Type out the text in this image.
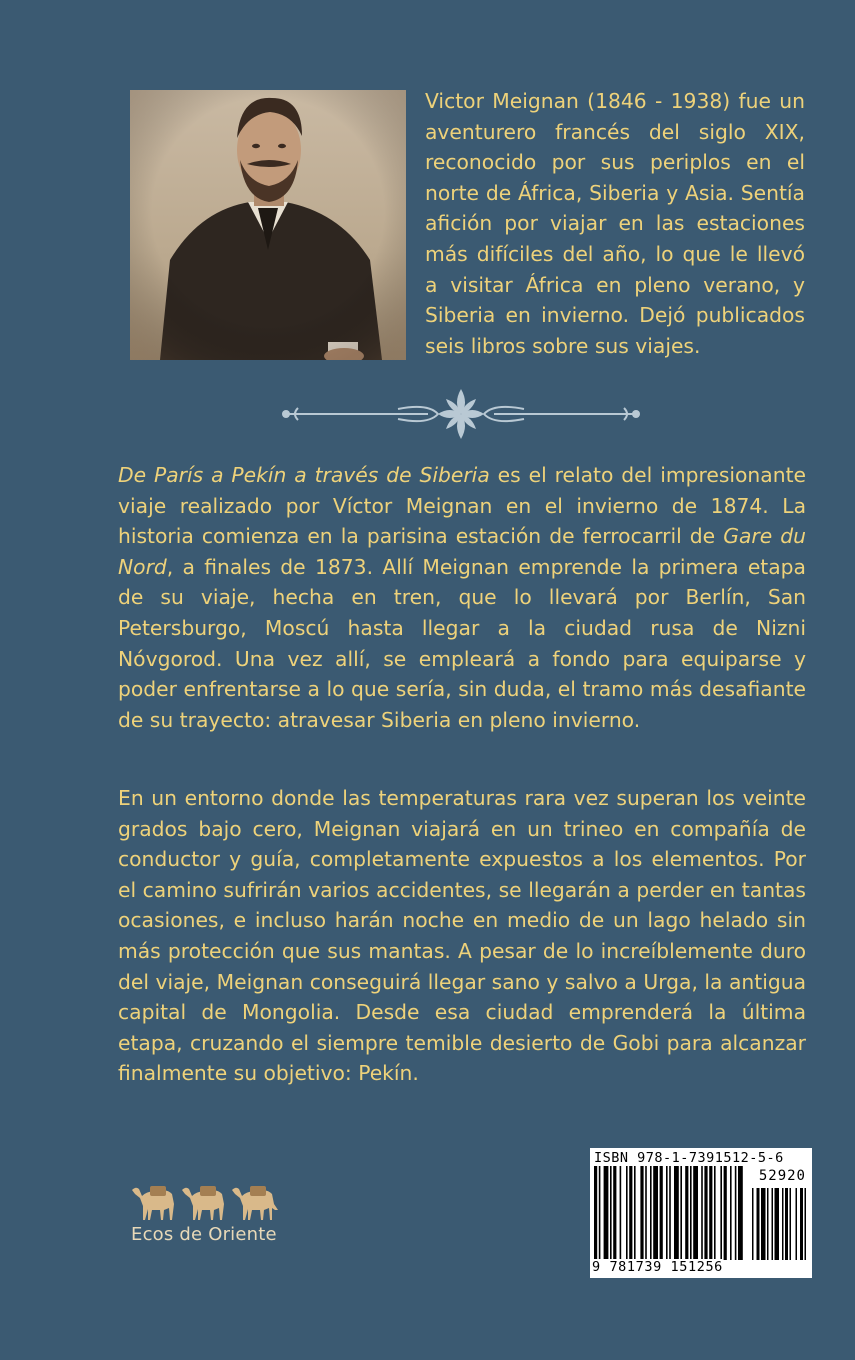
Victor Meignan (1846 - 1938) fue un aventurero francés del siglo XIX, reconocido por sus periplos en el norte de África, Siberia y Asia. Sentía afición por viajar en las estaciones más difíciles del año, lo que le llevó a visitar África en pleno verano, y Siberia en invierno. Dejó publicados seis libros sobre sus viajes.

De París a Pekín a través de Siberia es el relato del impresionante viaje realizado por Víctor Meignan en el invierno de 1874. La historia comienza en la parisina estación de ferrocarril de Gare du Nord, a finales de 1873. Allí Meignan emprende la primera etapa de su viaje, hecha en tren, que lo llevará por Berlín, San Petersburgo, Moscú hasta llegar a la ciudad rusa de Nizni Nóvgorod. Una vez allí, se empleará a fondo para equiparse y poder enfrentarse a lo que sería, sin duda, el tramo más desafiante de su trayecto: atravesar Siberia en pleno invierno.

En un entorno donde las temperaturas rara vez superan los veinte grados bajo cero, Meignan viajará en un trineo en compañía de conductor y guía, completamente expuestos a los elementos. Por el camino sufrirán varios accidentes, se llegarán a perder en tantas ocasiones, e incluso harán noche en medio de un lago helado sin más protección que sus mantas. A pesar de lo increíblemente duro del viaje, Meignan conseguirá llegar sano y salvo a Urga, la antigua capital de Mongolia. Desde esa ciudad emprenderá la última etapa, cruzando el siempre temible desierto de Gobi para alcanzar finalmente su objetivo: Pekín.

Ecos de Oriente
ISBN 978-1-7391512-5-6
52920
9 781739 151256
